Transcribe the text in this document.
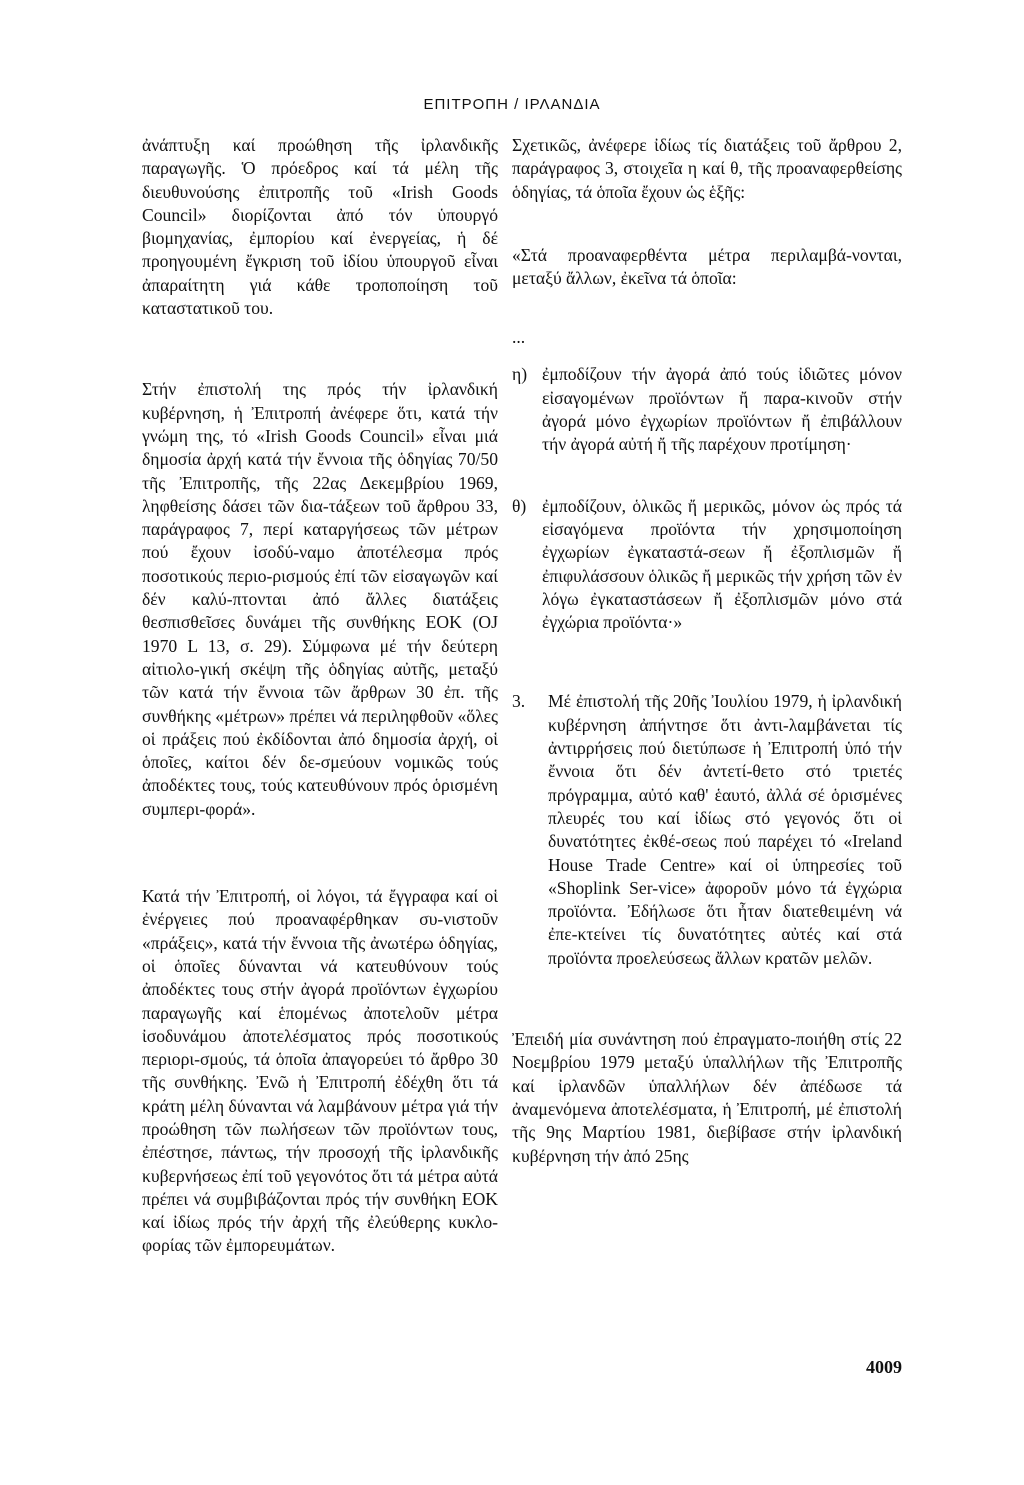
ΕΠΙΤΡΟΠΗ / ΙΡΛΑΝΔΙΑ

ἀνάπτυξη καί προώθηση τῆς ἰρλανδικῆς παραγωγῆς. Ὁ πρόεδρος καί τά μέλη τῆς διευθυνούσης ἐπιτροπῆς τοῦ «Irish Goods Council» διορίζονται ἀπό τόν ὑπουργό βιομηχανίας, ἐμπορίου καί ἐνεργείας, ἡ δέ προηγουμένη ἔγκριση τοῦ ἰδίου ὑπουργοῦ εἶναι ἀπαραίτητη γιά κάθε τροποποίηση τοῦ καταστατικοῦ του.

Στήν ἐπιστολή της πρός τήν ἰρλανδική κυβέρνηση, ἡ Ἐπιτροπή ἀνέφερε ὅτι, κατά τήν γνώμη της, τό «Irish Goods Council» εἶναι μιά δημοσία ἀρχή κατά τήν ἔννοια τῆς ὁδηγίας 70/50 τῆς Ἐπιτροπῆς, τῆς 22ας Δεκεμβρίου 1969, ληφθείσης δάσει τῶν δια-τάξεων τοῦ ἄρθρου 33, παράγραφος 7, περί καταργήσεως τῶν μέτρων πού ἔχουν ἰσοδύ-ναμο ἀποτέλεσμα πρός ποσοτικούς περιο-ρισμούς ἐπί τῶν εἰσαγωγῶν καί δέν καλύ-πτονται ἀπό ἄλλες διατάξεις θεσπισθεῖσες δυνάμει τῆς συνθήκης ΕΟΚ (OJ 1970 L 13, σ. 29). Σύμφωνα μέ τήν δεύτερη αἰτιολο-γική σκέψη τῆς ὁδηγίας αὐτῆς, μεταξύ τῶν κατά τήν ἔννοια τῶν ἄρθρων 30 ἐπ. τῆς συνθήκης «μέτρων» πρέπει νά περιληφθοῦν «ὅλες οἱ πράξεις πού ἐκδίδονται ἀπό δημοσία ἀρχή, οἱ ὁποῖες, καίτοι δέν δε-σμεύουν νομικῶς τούς ἀποδέκτες τους, τούς κατευθύνουν πρός ὁρισμένη συμπερι-φορά».

Κατά τήν Ἐπιτροπή, οἱ λόγοι, τά ἔγγραφα καί οἱ ἐνέργειες πού προαναφέρθηκαν συ-νιστοῦν «πράξεις», κατά τήν ἔννοια τῆς ἀνωτέρω ὁδηγίας, οἱ ὁποῖες δύνανται νά κατευθύνουν τούς ἀποδέκτες τους στήν ἀγορά προϊόντων ἐγχωρίου παραγωγῆς καί ἑπομένως ἀποτελοῦν μέτρα ἰσοδυνάμου ἀποτελέσματος πρός ποσοτικούς περιορι-σμούς, τά ὁποῖα ἀπαγορεύει τό ἄρθρο 30 τῆς συνθήκης. Ἐνῶ ἡ Ἐπιτροπή ἐδέχθη ὅτι τά κράτη μέλη δύνανται νά λαμβάνουν μέτρα γιά τήν προώθηση τῶν πωλήσεων τῶν προϊόντων τους, ἐπέστησε, πάντως, τήν προσοχή τῆς ἰρλανδικῆς κυβερνήσεως ἐπί τοῦ γεγονότος ὅτι τά μέτρα αὐτά πρέπει νά συμβιβάζονται πρός τήν συνθήκη ΕΟΚ καί ἰδίως πρός τήν ἀρχή τῆς ἐλεύθερης κυκλο-φορίας τῶν ἐμπορευμάτων.

Σχετικῶς, ἀνέφερε ἰδίως τίς διατάξεις τοῦ ἄρθρου 2, παράγραφος 3, στοιχεῖα η καί θ, τῆς προαναφερθείσης ὁδηγίας, τά ὁποῖα ἔχουν ὡς ἑξῆς:

«Στά προαναφερθέντα μέτρα περιλαμβά-νονται, μεταξύ ἄλλων, ἐκεῖνα τά ὁποῖα:

...

η) ἐμποδίζουν τήν ἀγορά ἀπό τούς ἰδιῶτες μόνον εἰσαγομένων προϊόντων ἤ παρα-κινοῦν στήν ἀγορά μόνο ἐγχωρίων προϊόντων ἤ ἐπιβάλλουν τήν ἀγορά αὐτή ἤ τῆς παρέχουν προτίμηση·
θ) ἐμποδίζουν, ὁλικῶς ἤ μερικῶς, μόνον ὡς πρός τά εἰσαγόμενα προϊόντα τήν χρησιμοποίηση ἐγχωρίων ἐγκαταστά-σεων ἤ ἐξοπλισμῶν ἤ ἐπιφυλάσσουν ὁλικῶς ἤ μερικῶς τήν χρήση τῶν ἐν λόγω ἐγκαταστάσεων ἤ ἐξοπλισμῶν μόνο στά ἐγχώρια προϊόντα·»
3.	Μέ ἐπιστολή τῆς 20ῆς Ἰουλίου 1979, ἡ ἰρλανδική κυβέρνηση ἀπήντησε ὅτι ἀντι-λαμβάνεται τίς ἀντιρρήσεις πού διετύπωσε ἡ Ἐπιτροπή ὑπό τήν ἔννοια ὅτι δέν ἀντετί-θετο στό τριετές πρόγραμμα, αὐτό καθ' ἑαυτό, ἀλλά σέ ὁρισμένες πλευρές του καί ἰδίως στό γεγονός ὅτι οἱ δυνατότητες ἐκθέ-σεως πού παρέχει τό «Ireland House Trade Centre» καί οἱ ὑπηρεσίες τοῦ «Shoplink Ser-vice» ἀφοροῦν μόνο τά ἐγχώρια προϊόντα. Ἐδήλωσε ὅτι ἦταν διατεθειμένη νά ἐπε-κτείνει τίς δυνατότητες αὐτές καί στά προϊόντα προελεύσεως ἄλλων κρατῶν μελῶν.

Ἐπειδή μία συνάντηση πού ἐπραγματο-ποιήθη στίς 22 Νοεμβρίου 1979 μεταξύ ὑπαλλήλων τῆς Ἐπιτροπῆς καί ἰρλανδῶν ὑπαλλήλων δέν ἀπέδωσε τά ἀναμενόμενα ἀποτελέσματα, ἡ Ἐπιτροπή, μέ ἐπιστολή τῆς 9ης Μαρτίου 1981, διεβίβασε στήν ἰρλανδική κυβέρνηση τήν ἀπό 25ης

4009
